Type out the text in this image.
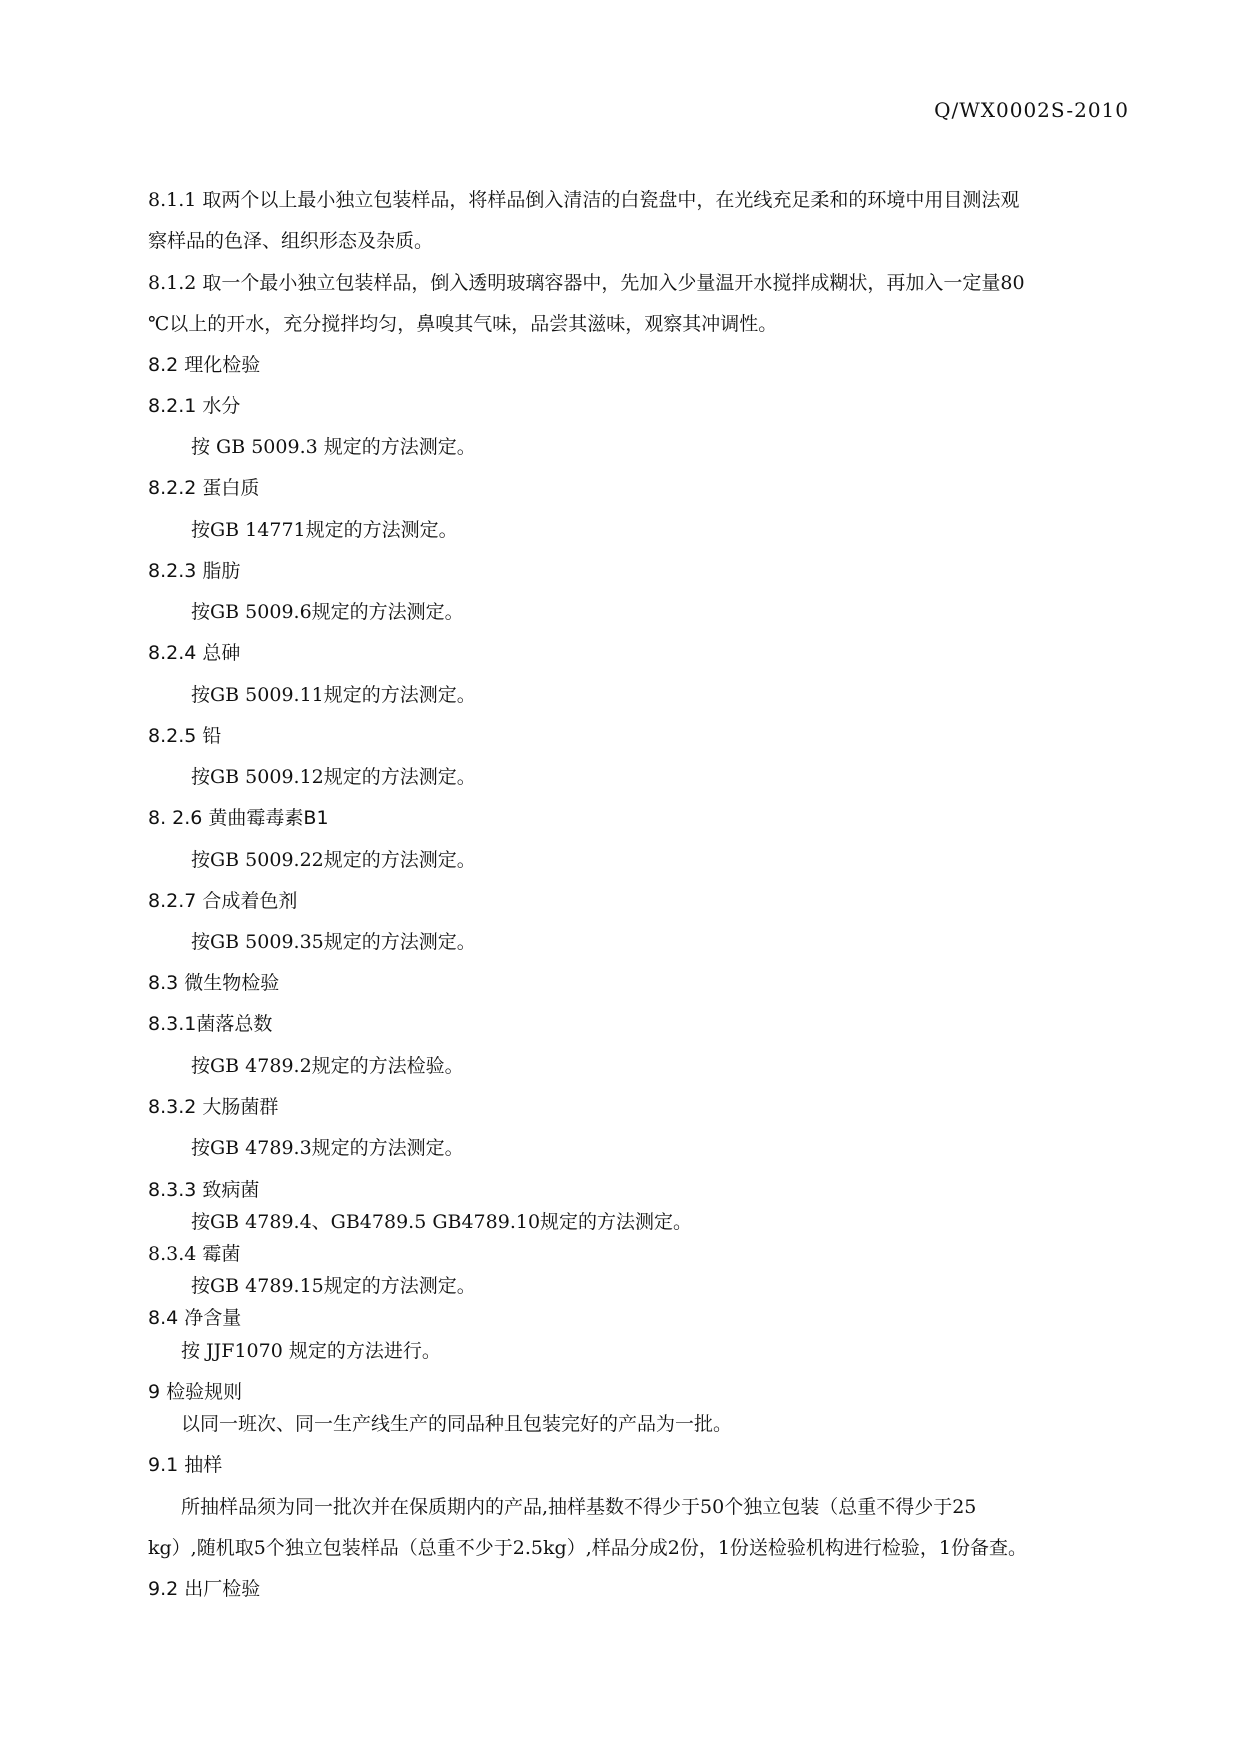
Q/WX0002S-2010
8.1.1 取两个以上最小独立包装样品，将样品倒入清洁的白瓷盘中，在光线充足柔和的环境中用目测法观
察样品的色泽、组织形态及杂质。
8.1.2 取一个最小独立包装样品，倒入透明玻璃容器中，先加入少量温开水搅拌成糊状，再加入一定量80
℃以上的开水，充分搅拌均匀，鼻嗅其气味，品尝其滋味，观察其冲调性。
8.2 理化检验
8.2.1 水分
按 GB 5009.3 规定的方法测定。
8.2.2 蛋白质
按GB 14771规定的方法测定。
8.2.3 脂肪
按GB 5009.6规定的方法测定。
8.2.4 总砷
按GB 5009.11规定的方法测定。
8.2.5 铅
按GB 5009.12规定的方法测定。
8. 2.6 黄曲霉毒素B1
按GB 5009.22规定的方法测定。
8.2.7 合成着色剂
按GB 5009.35规定的方法测定。
8.3 微生物检验
8.3.1菌落总数
按GB 4789.2规定的方法检验。
8.3.2 大肠菌群
按GB 4789.3规定的方法测定。
8.3.3 致病菌
按GB 4789.4、GB4789.5 GB4789.10规定的方法测定。
8.3.4 霉菌
按GB 4789.15规定的方法测定。
8.4 净含量
按 JJF1070 规定的方法进行。
9 检验规则
以同一班次、同一生产线生产的同品种且包装完好的产品为一批。
9.1 抽样
所抽样品须为同一批次并在保质期内的产品,抽样基数不得少于50个独立包装（总重不得少于25
kg）,随机取5个独立包装样品（总重不少于2.5kg）,样品分成2份，1份送检验机构进行检验，1份备查。
9.2 出厂检验
